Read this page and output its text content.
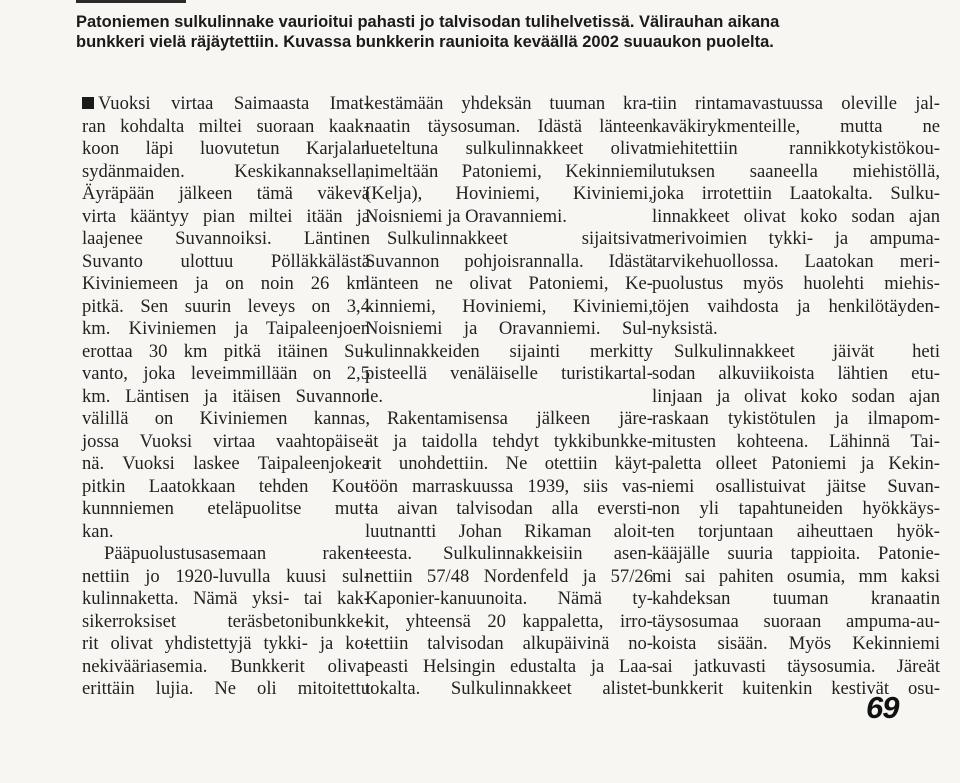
Patoniemen sulkulinnake vaurioitui pahasti jo talvisodan tulihelvetissä. Välirauhan aikana
bunkkeri vielä räjäytettiin. Kuvassa bunkkerin raunioita keväällä 2002 suuaukon puolelta.
Vuoksi virtaa Saimaasta Imat-
ran kohdalta miltei suoraan kaak-
koon läpi luovutetun Karjalan
sydänmaiden. Keskikannaksella,
Äyräpään jälkeen tämä väkevä
virta kääntyy pian miltei itään ja
laajenee Suvannoiksi. Läntinen
Suvanto ulottuu Pölläkkälästä
Kiviniemeen ja on noin 26 km
pitkä. Sen suurin leveys on 3,4
km. Kiviniemen ja Taipaleenjoen
erottaa 30 km pitkä itäinen Su-
vanto, joka leveimmillään on 2,5
km. Läntisen ja itäisen Suvannon
välillä on Kiviniemen kannas,
jossa Vuoksi virtaa vaahtopäise-
nä. Vuoksi laskee Taipaleenjokea
pitkin Laatokkaan tehden Kou-
kunnniemen eteläpuolitse mut-
kan.
Pääpuolustusasemaan raken-
nettiin jo 1920-luvulla kuusi sul-
kulinnaketta. Nämä yksi- tai kak-
sikerroksiset teräsbetonibunkke-
rit olivat yhdistettyjä tykki- ja ko-
nekivääriasemia. Bunkkerit olivat
erittäin lujia. Ne oli mitoitettu
kestämään yhdeksän tuuman kra-
naatin täysosuman. Idästä länteen
lueteltuna sulkulinnakkeet olivat
nimeltään Patoniemi, Kekinniemi
(Kelja), Hoviniemi, Kiviniemi,
Noisniemi ja Oravanniemi.
Sulkulinnakkeet sijaitsivat
Suvannon pohjoisrannalla. Idästä
länteen ne olivat Patoniemi, Ke-
kinniemi, Hoviniemi, Kiviniemi,
Noisniemi ja Oravanniemi. Sul-
kulinnakkeiden sijainti merkitty
pisteellä venäläiselle turistikartal-
le.
Rakentamisensa jälkeen järe-
ät ja taidolla tehdyt tykkibunkke-
rit unohdettiin. Ne otettiin käyt-
töön marraskuussa 1939, siis vas-
ta aivan talvisodan alla eversti-
luutnantti Johan Rikaman aloit-
teesta. Sulkulinnakkeisiin asen-
nettiin 57/48 Nordenfeld ja 57/26
Kaponier-kanuunoita. Nämä ty-
kit, yhteensä 20 kappaletta, irro-
tettiin talvisodan alkupäivinä no-
peasti Helsingin edustalta ja Laa-
tokalta. Sulkulinnakkeet alistet-
tiin rintamavastuussa oleville jal-
kaväkirykmenteille, mutta ne
miehitettiin rannikkotykistökou-
lutuksen saaneella miehistöllä,
joka irrotettiin Laatokalta. Sulku-
linnakkeet olivat koko sodan ajan
merivoimien tykki- ja ampuma-
tarvikehuollossa. Laatokan meri-
puolustus myös huolehti miehis-
töjen vaihdosta ja henkilötäyden-
nyksistä.
Sulkulinnakkeet jäivät heti
sodan alkuviikoista lähtien etu-
linjaan ja olivat koko sodan ajan
raskaan tykistötulen ja ilmapom-
mitusten kohteena. Lähinnä Tai-
paletta olleet Patoniemi ja Kekin-
niemi osallistuivat jäitse Suvan-
non yli tapahtuneiden hyökkäys-
ten torjuntaan aiheuttaen hyök-
kääjälle suuria tappioita. Patonie-
mi sai pahiten osumia, mm kaksi
kahdeksan tuuman kranaatin
täysosumaa suoraan ampuma-au-
koista sisään. Myös Kekinniemi
sai jatkuvasti täysosumia. Järeät
bunkkerit kuitenkin kestivät osu-
69
